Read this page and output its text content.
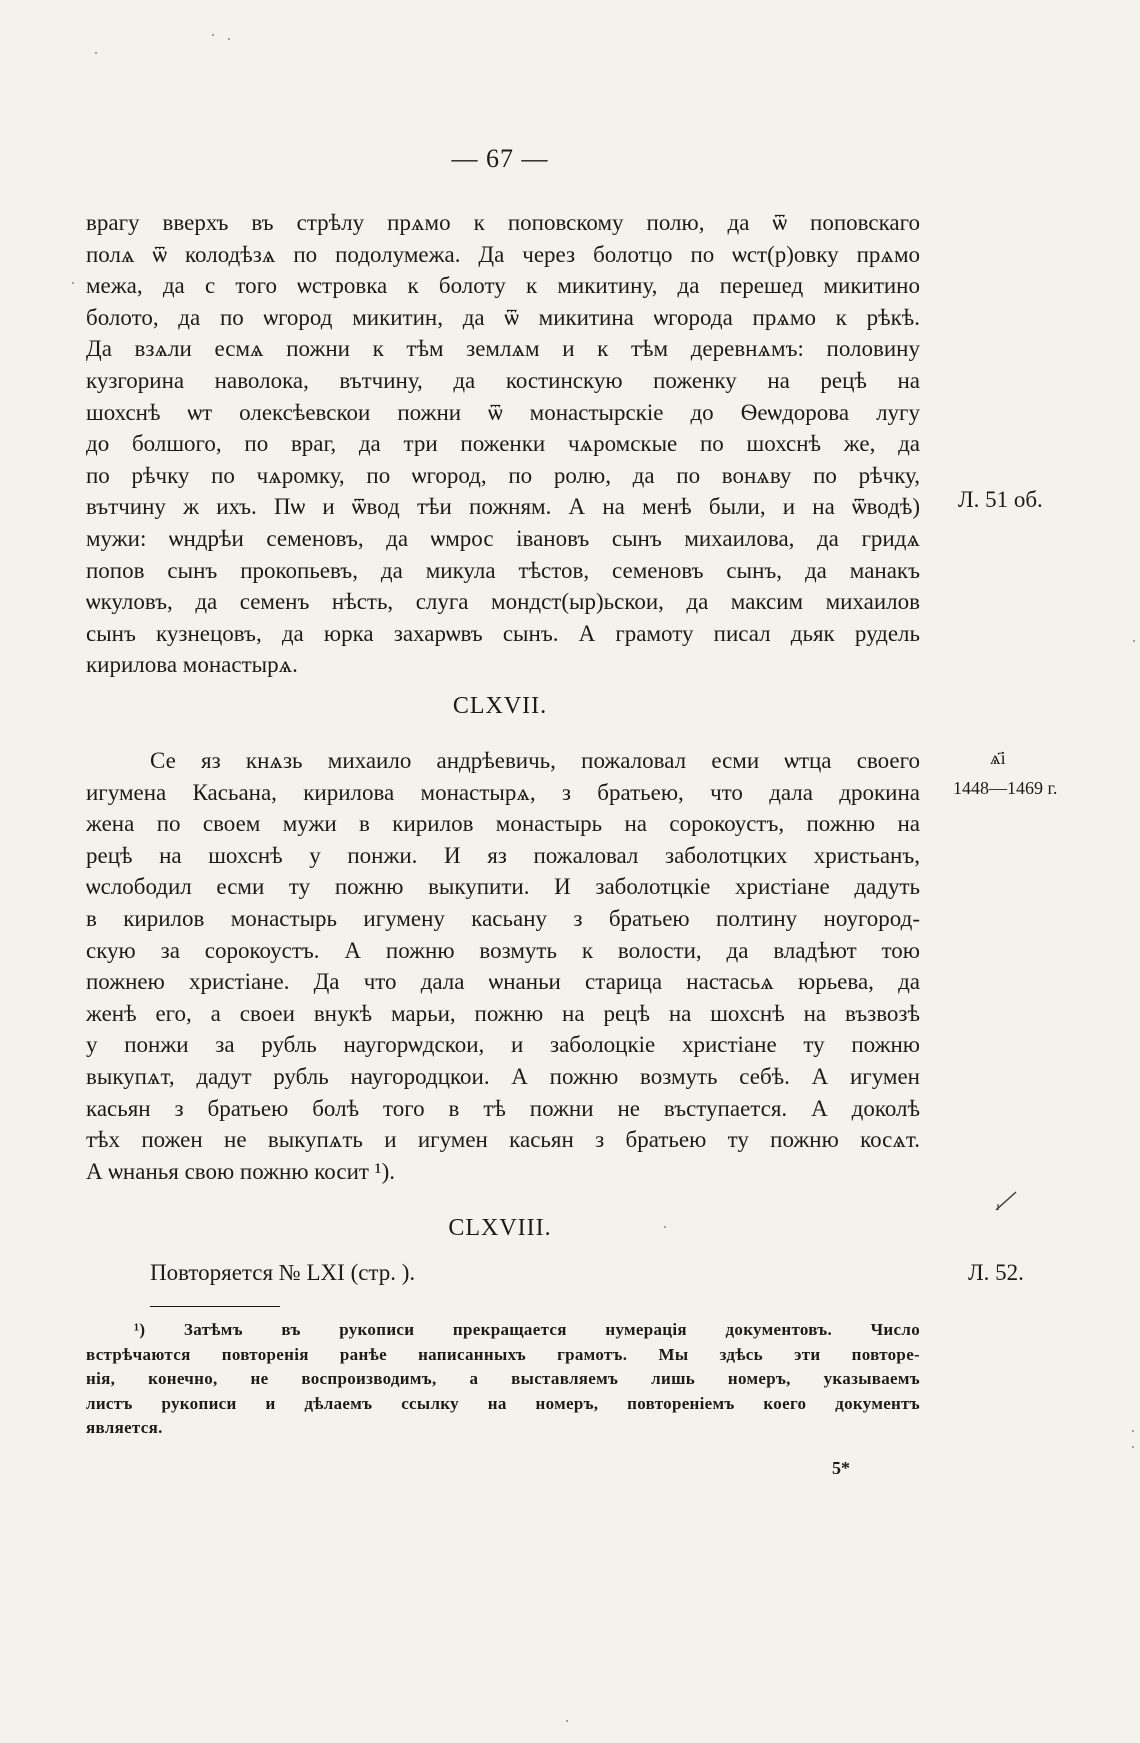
— 67 —
врагу вверхъ въ стрѣлу прѧмо к поповскому полю, да ѿ поповскаго
полѧ ѿ колодѣзѧ по подолумежа. Да через болотцо по ѡст(р)овку прѧмо
межа, да с того ѡстровка к болоту к микитину, да перешед микитино
болото, да по ѡгород микитин, да ѿ микитина ѡгорода прѧмо к рѣкѣ.
Да взѧли есмѧ пожни к тѣм землѧм и к тѣм деревнѧмъ: половину
кузгорина наволока, вътчину, да костинскую поженку на рецѣ на
шохснѣ ѡт олексѣевскои пожни ѿ монастырскіе до Ѳеѡдорова лугу
до болшого, по враг, да три поженки чѧромскые по шохснѣ же, да
по рѣчку по чѧромку, по ѡгород, по ролю, да по вонѧву по рѣчку,
вътчину ж ихъ. Пѡ и ѿвод тѣи пожням. А на менѣ были, и на ѿводѣ)
мужи: ѡндрѣи семеновъ, да ѡмрос івановъ сынъ михаилова, да гридѧ
попов сынъ прокопьевъ, да микула тѣстов, семеновъ сынъ, да манакъ
ѡкуловъ, да семенъ нѣсть, слуга мондст(ыр)ьскои, да максим михаилов
сынъ кузнецовъ, да юрка захарѡвъ сынъ. А грамоту писал дьяк рудель
кирилова монастырѧ.
Л. 51 об.
CLXVII.
ѧ҃і
1448—1469 г.
Се яз кнѧзь михаило андрѣевичь, пожаловал есми ѡтца своего
игумена Касьана, кирилова монастырѧ, з братьею, что дала дрокина
жена по своем мужи в кирилов монастырь на сорокоустъ, пожню на
рецѣ на шохснѣ у понжи. И яз пожаловал заболотцких христьанъ,
ѡслободил есми ту пожню выкупити. И заболотцкіе христіане дадуть
в кирилов монастырь игумену касьану з братьею полтину ноугород-
скую за сорокоустъ. А пожню возмуть к волости, да владѣют тою
пожнею христіане. Да что дала ѡнаньи старица настасьѧ юрьева, да
женѣ его, а своеи внукѣ марьи, пожню на рецѣ на шохснѣ на възвозѣ
у понжи за рубль наугорѡдскои, и заболоцкіе христіане ту пожню
выкупѧт, дадут рубль наугородцкои. А пожню возмуть себѣ. А игумен
касьян з братьею болѣ того в тѣ пожни не въступается. А доколѣ
тѣх пожен не выкупѧть и игумен касьян з братьею ту пожню косѧт.
А ѡнанья свою пожню косит ¹).
CLXVIII.
Повторяется № LXI (стр. ).	Л. 52.
¹) Затѣмъ въ рукописи прекращается нумерація документовъ. Число
встрѣчаются повторенія ранѣе написанныхъ грамотъ. Мы здѣсь эти повторе-
нія, конечно, не воспроизводимъ, а выставляемъ лишь номеръ, указываемъ
листъ рукописи и дѣлаемъ ссылку на номеръ, повтореніемъ коего документъ
является.
5*
